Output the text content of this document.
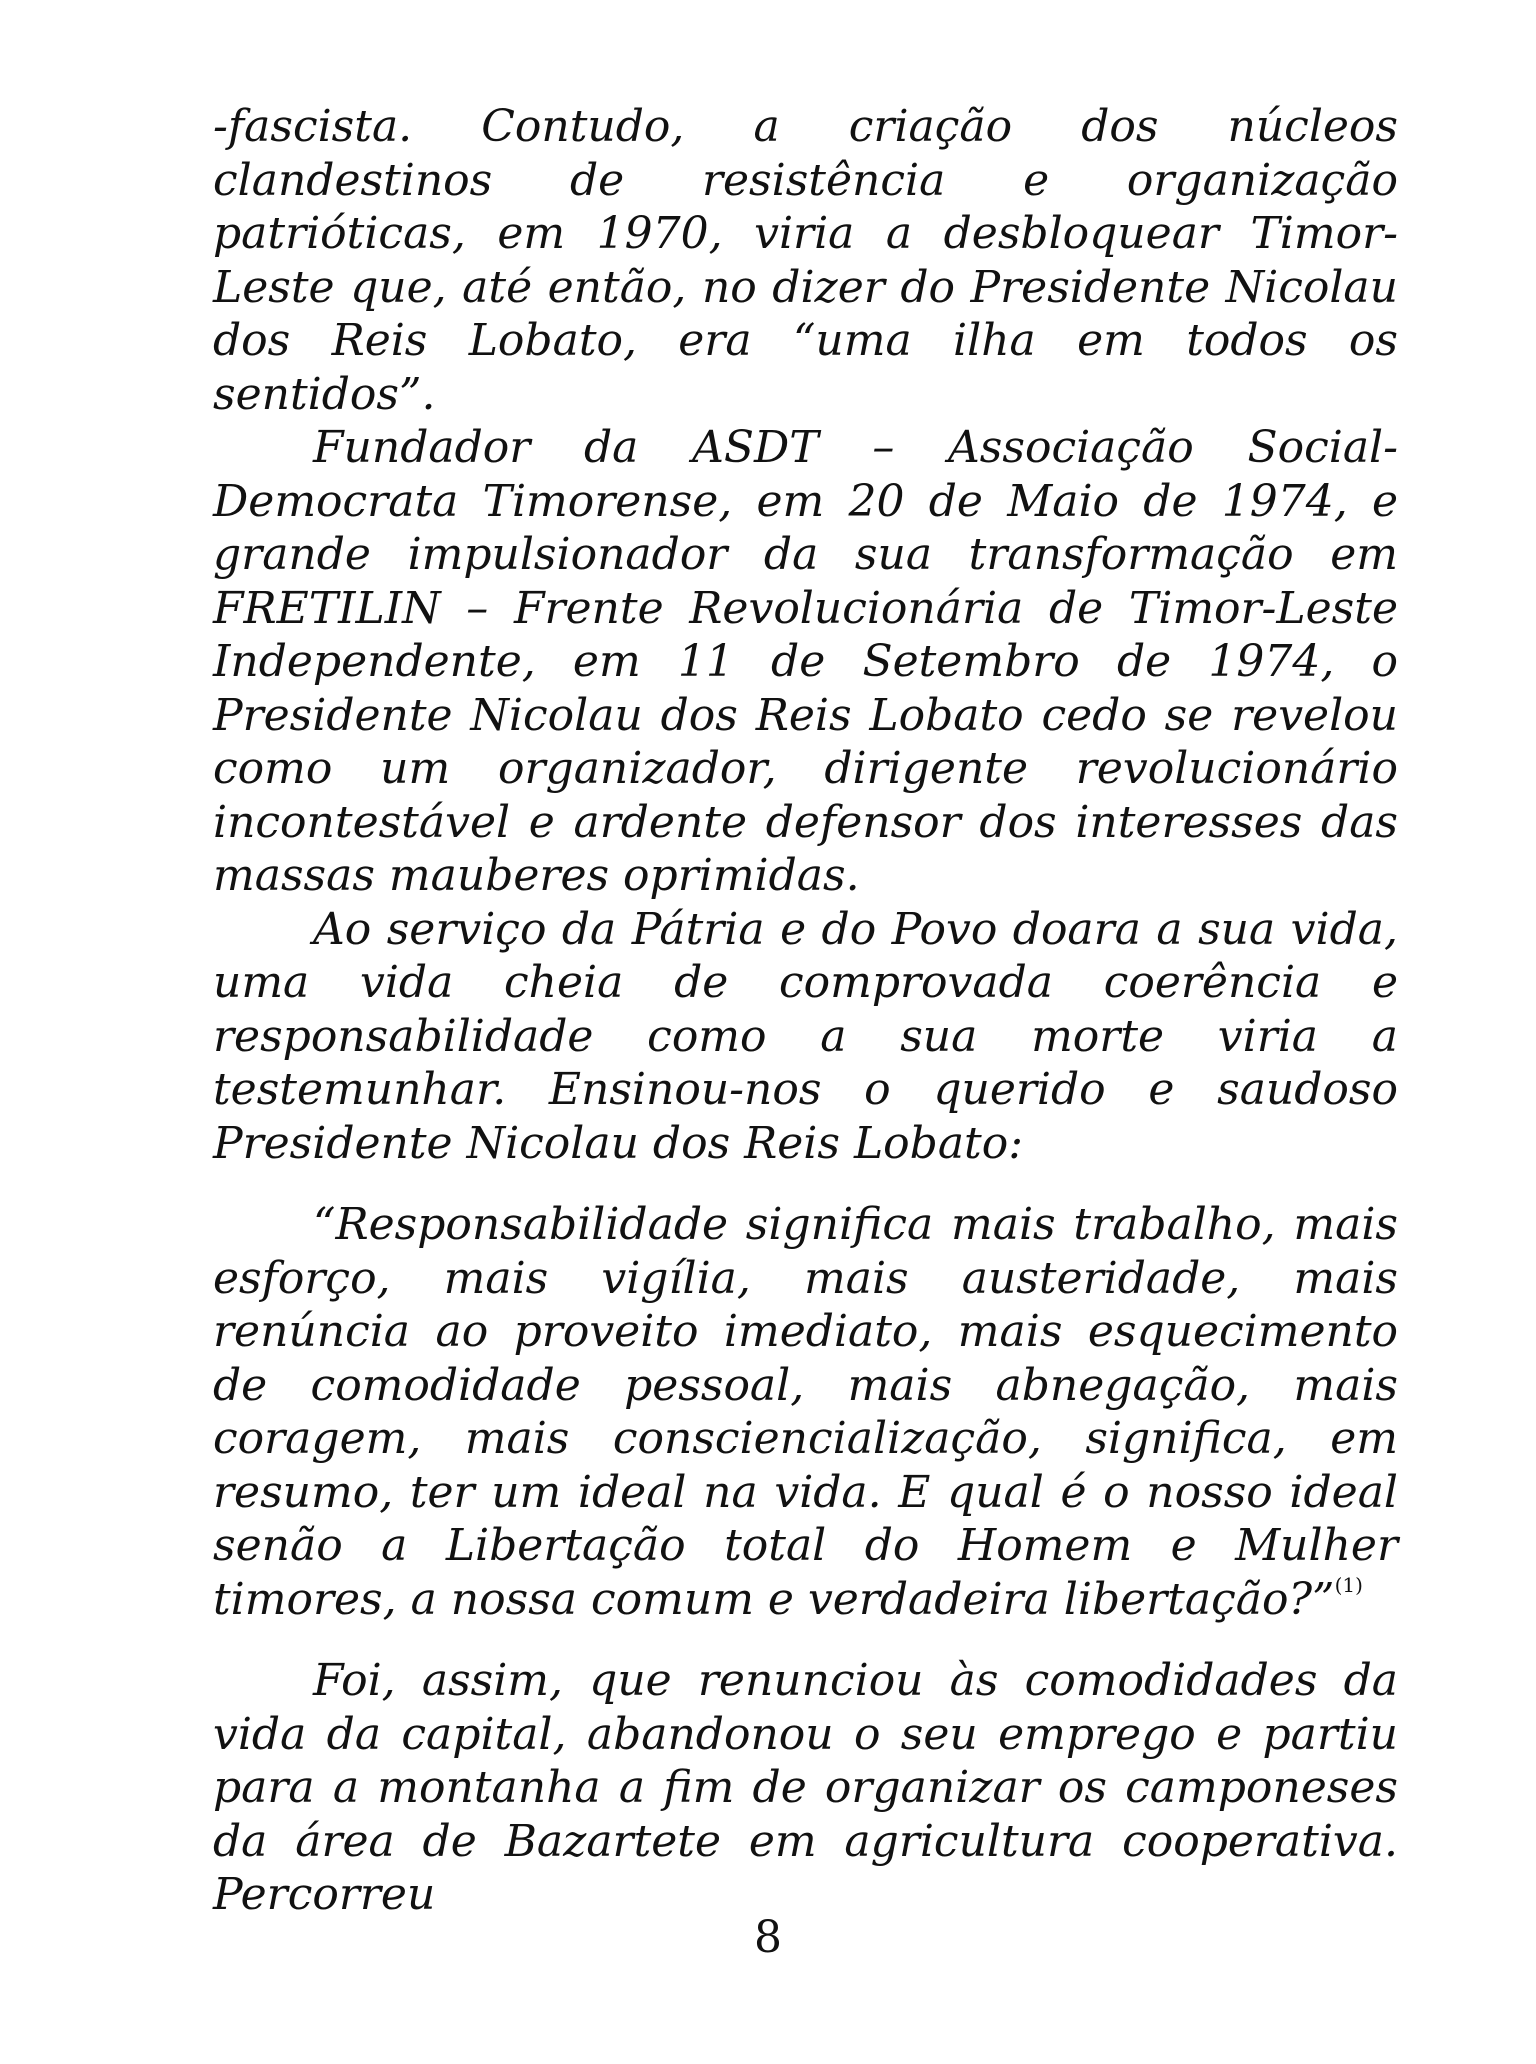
-fascista. Contudo, a criação dos núcleos clandestinos de resistência e organização patrióticas, em 1970, viria a desbloquear Timor-Leste que, até então, no dizer do Presidente Nicolau dos Reis Lobato, era “uma ilha em todos os sentidos”.

Fundador da ASDT – Associação Social-Democrata Timorense, em 20 de Maio de 1974, e grande impulsionador da sua transformação em FRETILIN – Frente Revolucionária de Timor-Leste Independente, em 11 de Setembro de 1974, o Presidente Nicolau dos Reis Lobato cedo se revelou como um organizador, dirigente revolucionário incontestável e ardente defensor dos interesses das massas mauberes oprimidas.

Ao serviço da Pátria e do Povo doara a sua vida, uma vida cheia de comprovada coerência e responsabilidade como a sua morte viria a testemunhar. Ensinou-nos o querido e saudoso Presidente Nicolau dos Reis Lobato:

“Responsabilidade significa mais trabalho, mais esforço, mais vigília, mais austeridade, mais renúncia ao proveito imediato, mais esquecimento de comodidade pessoal, mais abnegação, mais coragem, mais consciencialização, significa, em resumo, ter um ideal na vida. E qual é o nosso ideal senão a Libertação total do Homem e Mulher timores, a nossa comum e verdadeira libertação?”$^{(1)}$

Foi, assim, que renunciou às comodidades da vida da capital, abandonou o seu emprego e partiu para a montanha a fim de organizar os camponeses da área de Bazartete em agricultura cooperativa. Percorreu

8
